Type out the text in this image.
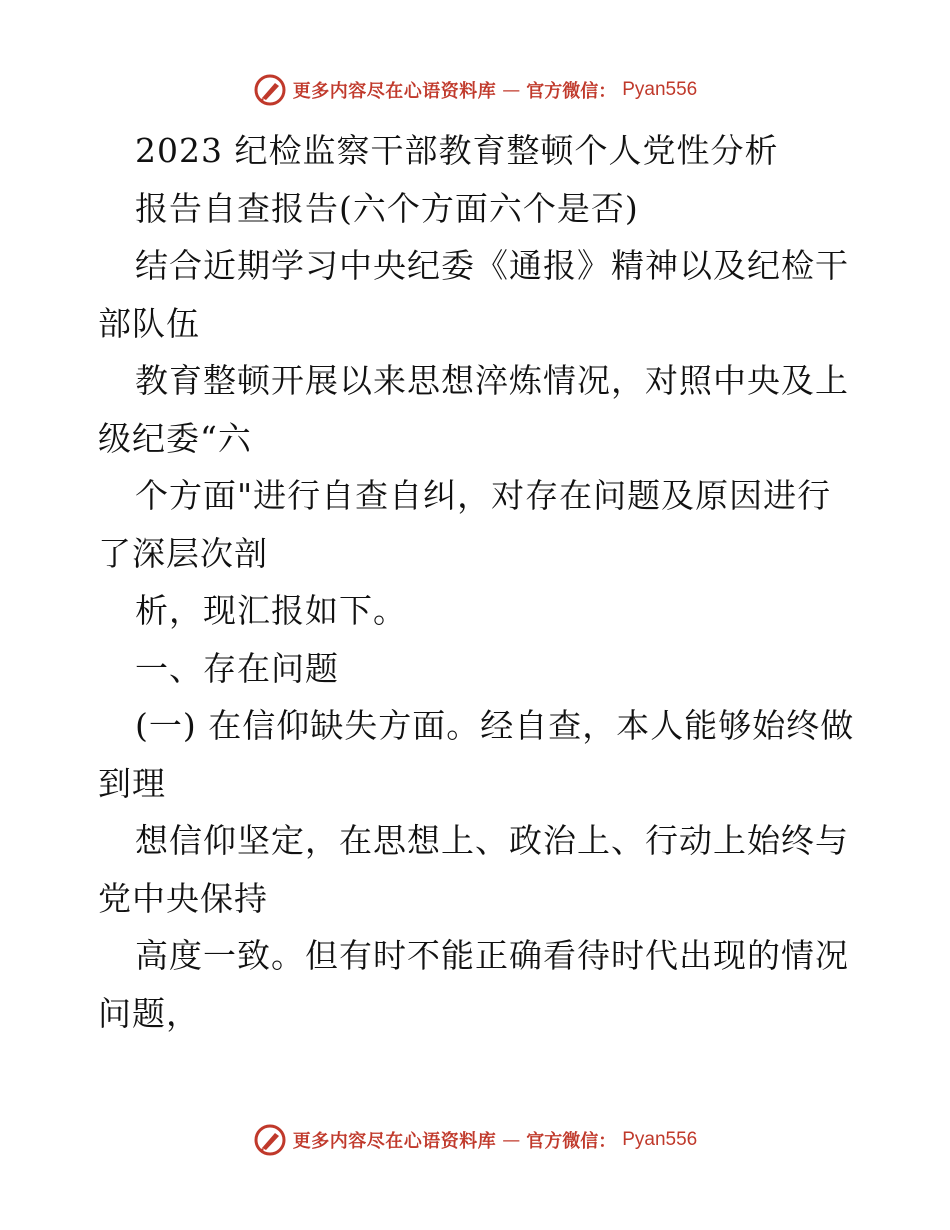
更多内容尽在心语资料库 — 官方微信： Pyan556
2023 纪检监察干部教育整顿个人党性分析
报告自查报告(六个方面六个是否)
结合近期学习中央纪委《通报》精神以及纪检干
部队伍
教育整顿开展以来思想淬炼情况，对照中央及上
级纪委“六
个方面"进行自查自纠，对存在问题及原因进行
了深层次剖
析，现汇报如下。
一、存在问题
(一) 在信仰缺失方面。经自查，本人能够始终做
到理
想信仰坚定，在思想上、政治上、行动上始终与
党中央保持
高度一致。但有时不能正确看待时代出现的情况
问题，
更多内容尽在心语资料库 — 官方微信： Pyan556
